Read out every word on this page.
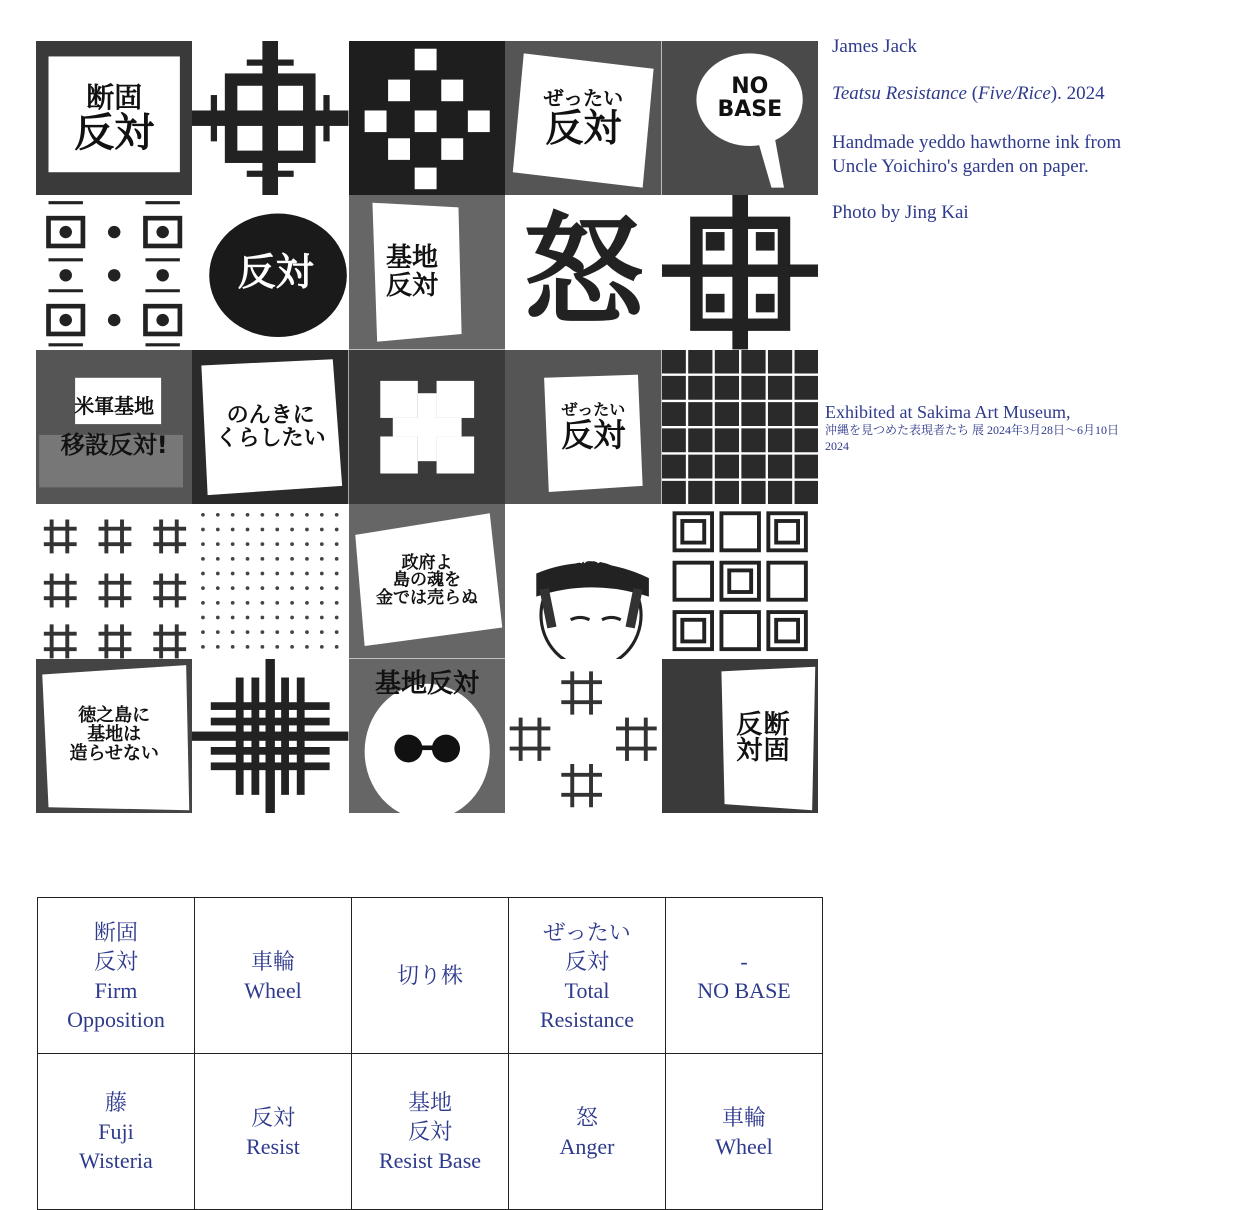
断固
反対
ぜったい
反対
NO
BASE
反対	基地
反対 怒
米軍基地
移設反対!
のんきに
くらしたい
ぜったい
反対
政府よ
島の魂を
金では売らぬ
反対
徳之島に
基地は
造らせない
基地反対
断固
反対
James Jack
Teatsu Resistance (Five/Rice). 2024
Handmade yeddo hawthorne ink from
Uncle Yoichiro's garden on paper.
Photo by Jing Kai
Exhibited at Sakima Art Museum,
沖縄を見つめた表現者たち 展 2024年3月28日〜6月10日
2024
断固
反対
Firm
Opposition	車輪
Wheel	切り株	ぜったい
反対
Total
Resistance	-
NO BASE

藤
Fuji
Wisteria	反対
Resist	基地
反対
Resist Base	怒
Anger	車輪
Wheel
